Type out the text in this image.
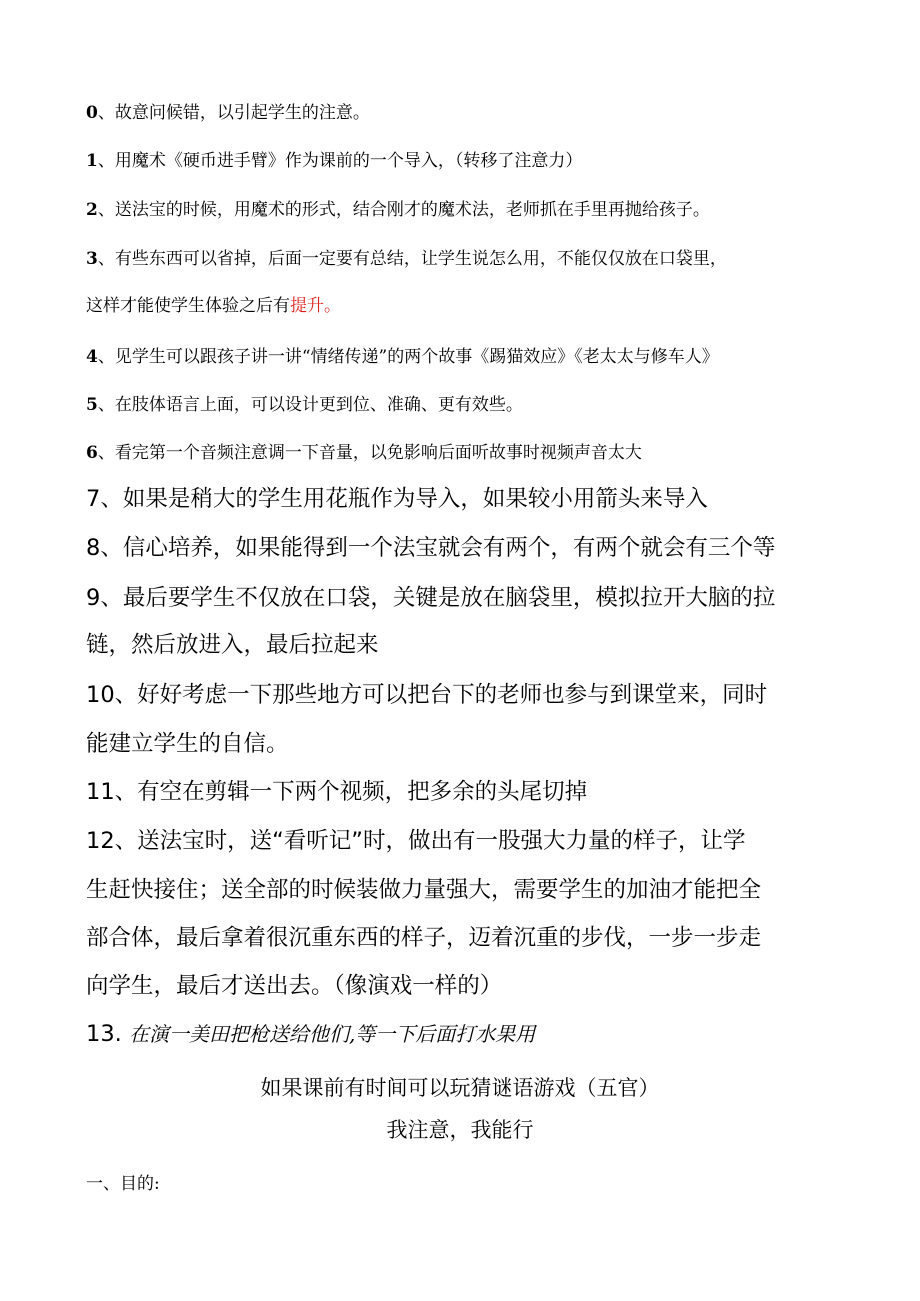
0、故意问候错，以引起学生的注意。
1、用魔术《硬币进手臂》作为课前的一个导入，（转移了注意力）
2、送法宝的时候，用魔术的形式，结合刚才的魔术法，老师抓在手里再抛给孩子。
3、有些东西可以省掉，后面一定要有总结，让学生说怎么用，不能仅仅放在口袋里，
这样才能使学生体验之后有提升。
4、见学生可以跟孩子讲一讲“情绪传递”的两个故事《踢猫效应》《老太太与修车人》
5、在肢体语言上面，可以设计更到位、准确、更有效些。
6、看完第一个音频注意调一下音量，以免影响后面听故事时视频声音太大
7、如果是稍大的学生用花瓶作为导入，如果较小用箭头来导入
8、信心培养，如果能得到一个法宝就会有两个，有两个就会有三个等
9、最后要学生不仅放在口袋，关键是放在脑袋里，模拟拉开大脑的拉
链，然后放进入，最后拉起来
10、好好考虑一下那些地方可以把台下的老师也参与到课堂来，同时
能建立学生的自信。
11、有空在剪辑一下两个视频，把多余的头尾切掉
12、送法宝时，送“看听记”时，做出有一股强大力量的样子，让学
生赶快接住；送全部的时候装做力量强大，需要学生的加油才能把全
部合体，最后拿着很沉重东西的样子，迈着沉重的步伐，一步一步走
向学生，最后才送出去。（像演戏一样的）
13. 在演一美田把枪送给他们,等一下后面打水果用
如果课前有时间可以玩猜谜语游戏（五官）
我注意，我能行
一、目的:
